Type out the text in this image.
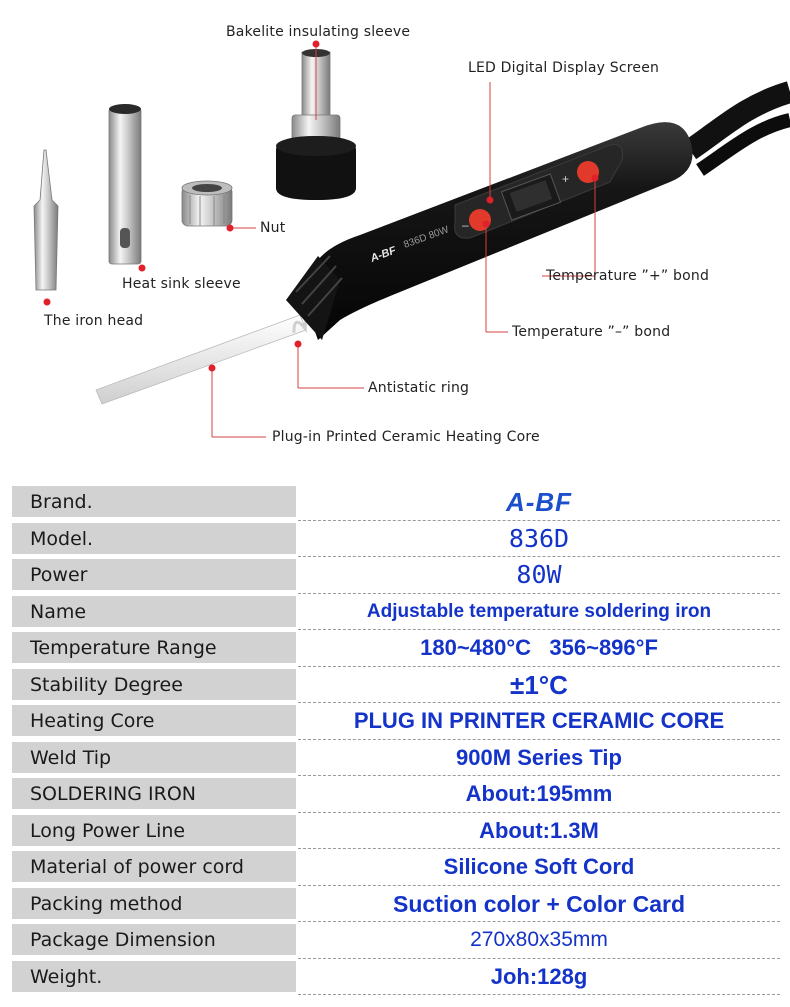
A-BF
836D 80W
+
–
Bakelite insulating sleeve
LED Digital Display Screen
Nut
Heat sink sleeve
The iron head
Temperature ”+” bond
Temperature ”–” bond
Antistatic ring
Plug-in Printed Ceramic Heating Core
Brand.	A-BF
Model.	836D
Power	80W
Name	Adjustable temperature soldering iron
Temperature Range	180~480°C   356~896°F
Stability Degree	±1°C
Heating Core	PLUG IN PRINTER CERAMIC CORE
Weld Tip	900M Series Tip
SOLDERING IRON	About:195mm
Long Power Line	About:1.3M
Material of power cord	Silicone Soft Cord
Packing method	Suction color + Color Card
Package Dimension	270x80x35mm
Weight.	Joh:128g
